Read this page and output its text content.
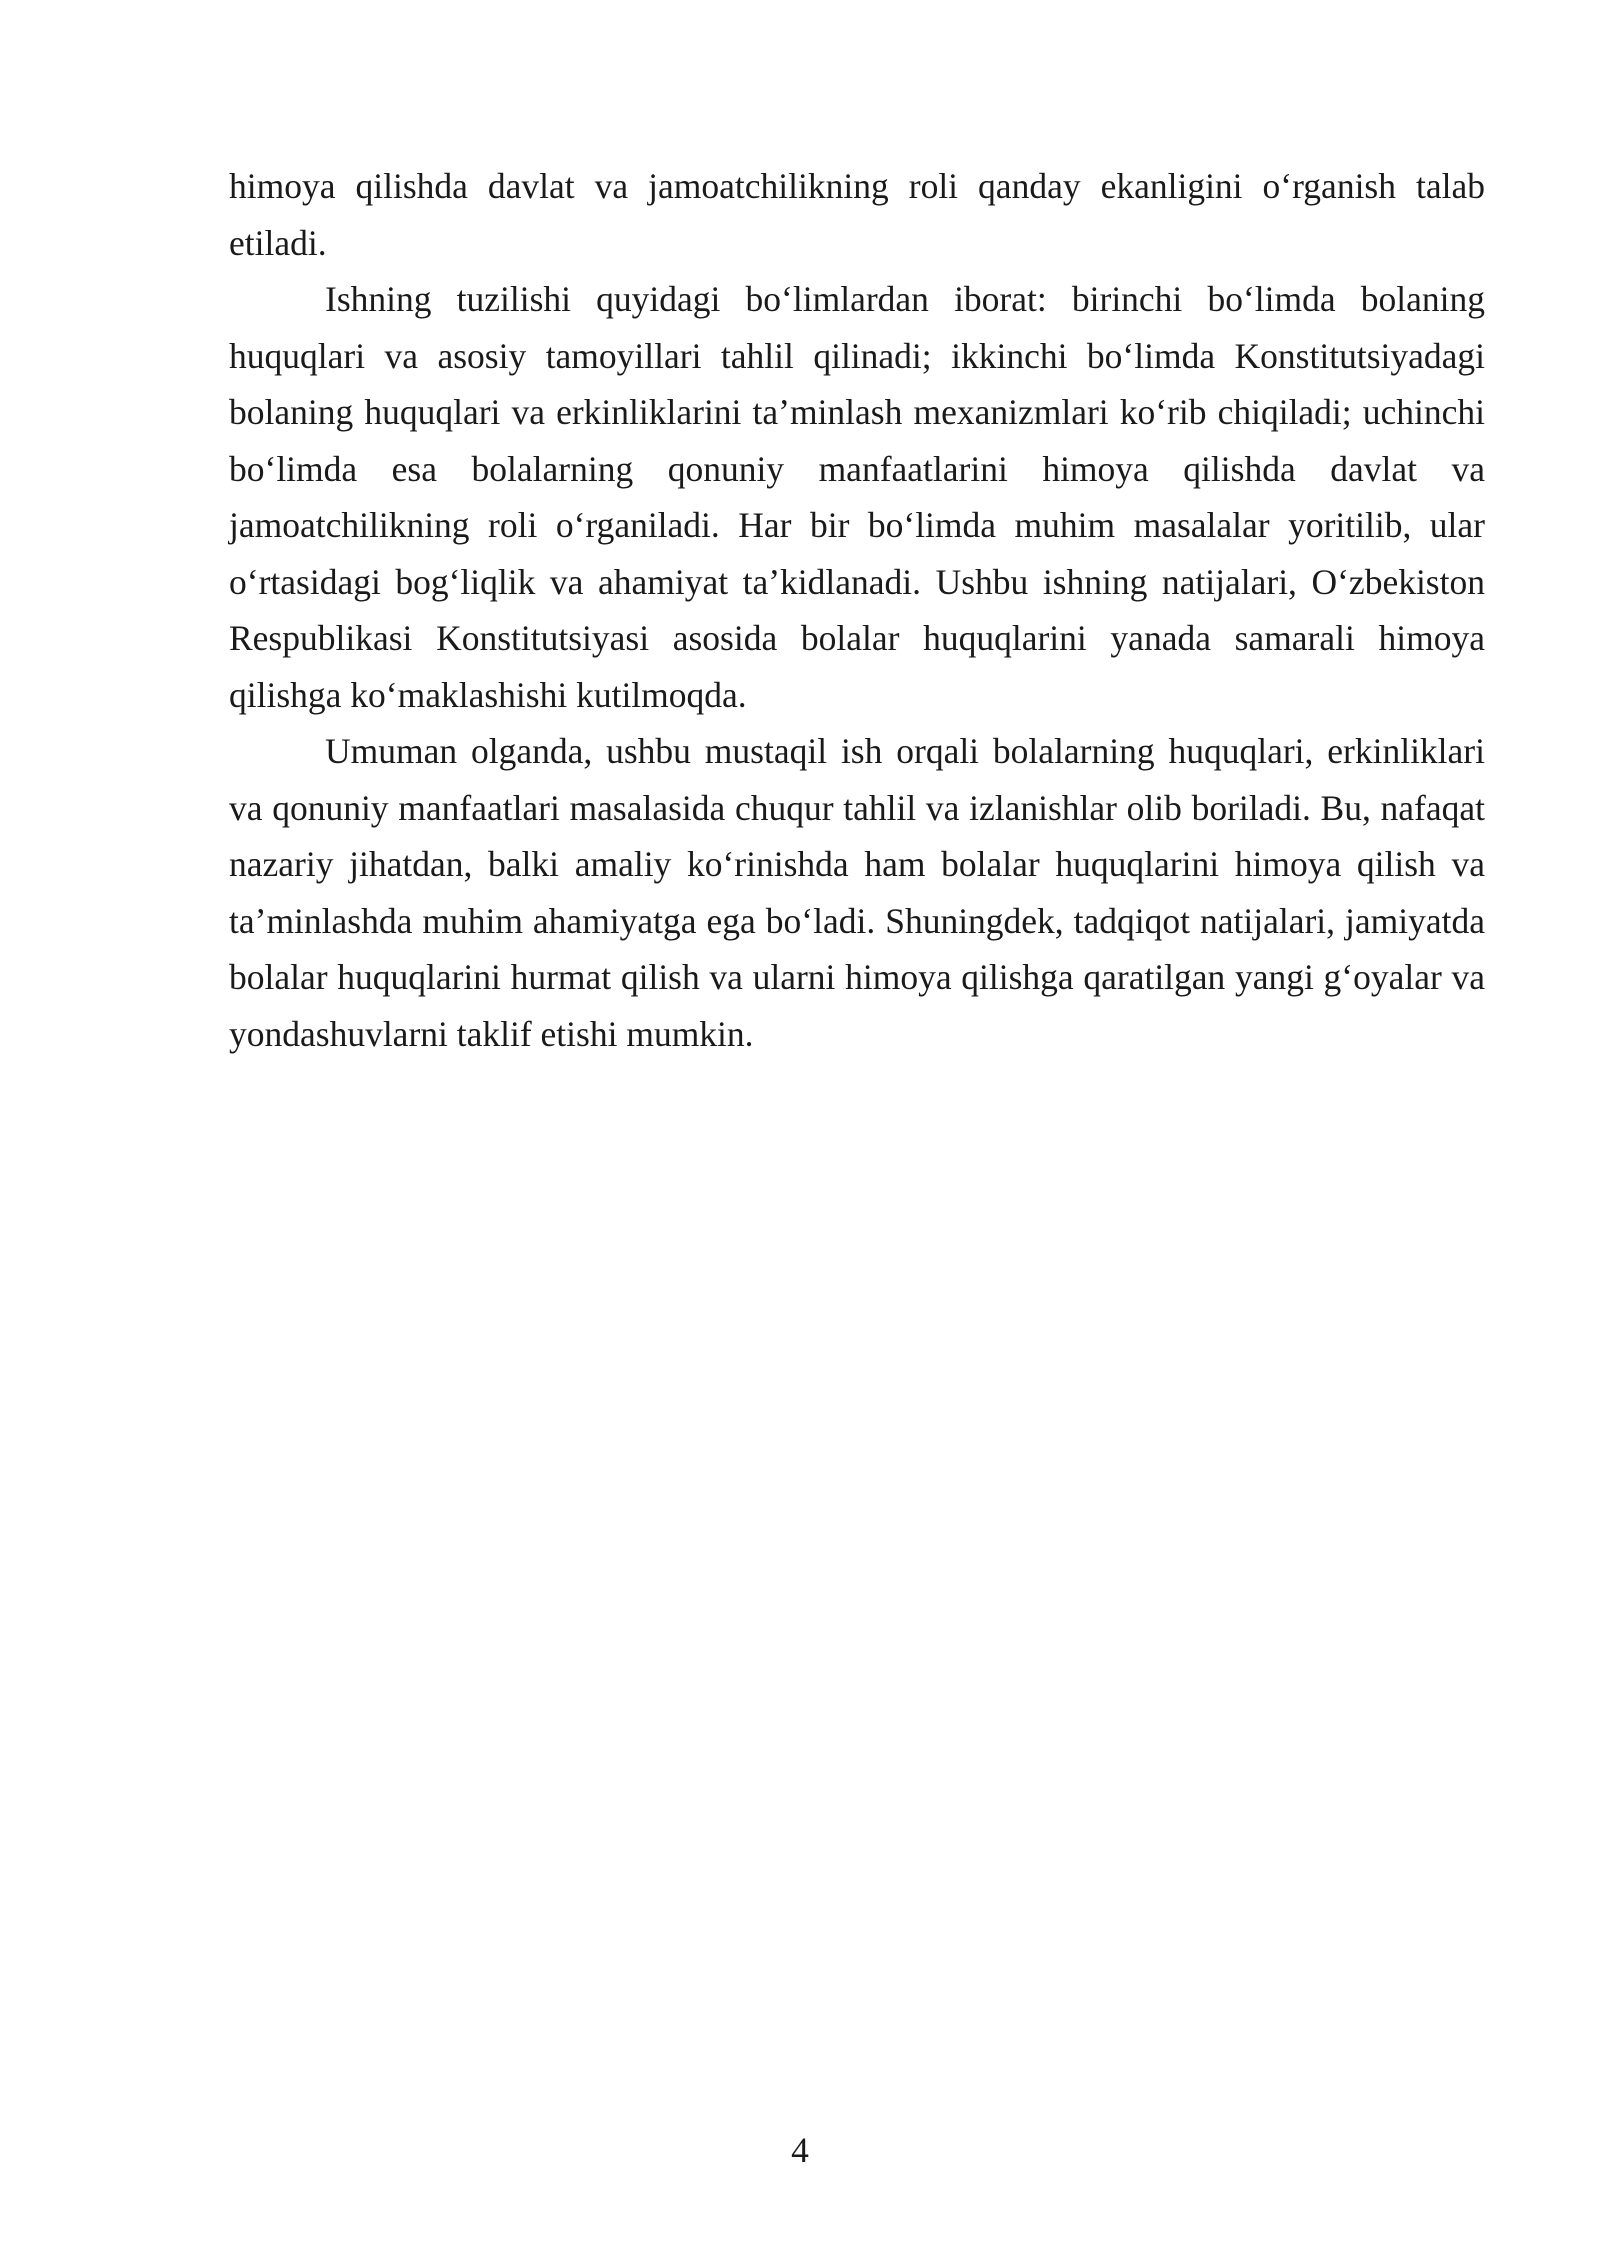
himoya qilishda davlat va jamoatchilikning roli qanday ekanligini oʻrganish talab etiladi.

Ishning tuzilishi quyidagi boʻlimlardan iborat: birinchi boʻlimda bolaning huquqlari va asosiy tamoyillari tahlil qilinadi; ikkinchi boʻlimda Konstitutsiyadagi bolaning huquqlari va erkinliklarini taʼminlash mexanizmlari koʻrib chiqiladi; uchinchi boʻlimda esa bolalarning qonuniy manfaatlarini himoya qilishda davlat va jamoatchilikning roli oʻrganiladi. Har bir boʻlimda muhim masalalar yoritilib, ular oʻrtasidagi bogʻliqlik va ahamiyat taʼkidlanadi. Ushbu ishning natijalari, Oʻzbekiston Respublikasi Konstitutsiyasi asosida bolalar huquqlarini yanada samarali himoya qilishga koʻmaklashishi kutilmoqda.

Umuman olganda, ushbu mustaqil ish orqali bolalarning huquqlari, erkinliklari va qonuniy manfaatlari masalasida chuqur tahlil va izlanishlar olib boriladi. Bu, nafaqat nazariy jihatdan, balki amaliy koʻrinishda ham bolalar huquqlarini himoya qilish va taʼminlashda muhim ahamiyatga ega boʻladi. Shuningdek, tadqiqot natijalari, jamiyatda bolalar huquqlarini hurmat qilish va ularni himoya qilishga qaratilgan yangi gʻoyalar va yondashuvlarni taklif etishi mumkin.

4
